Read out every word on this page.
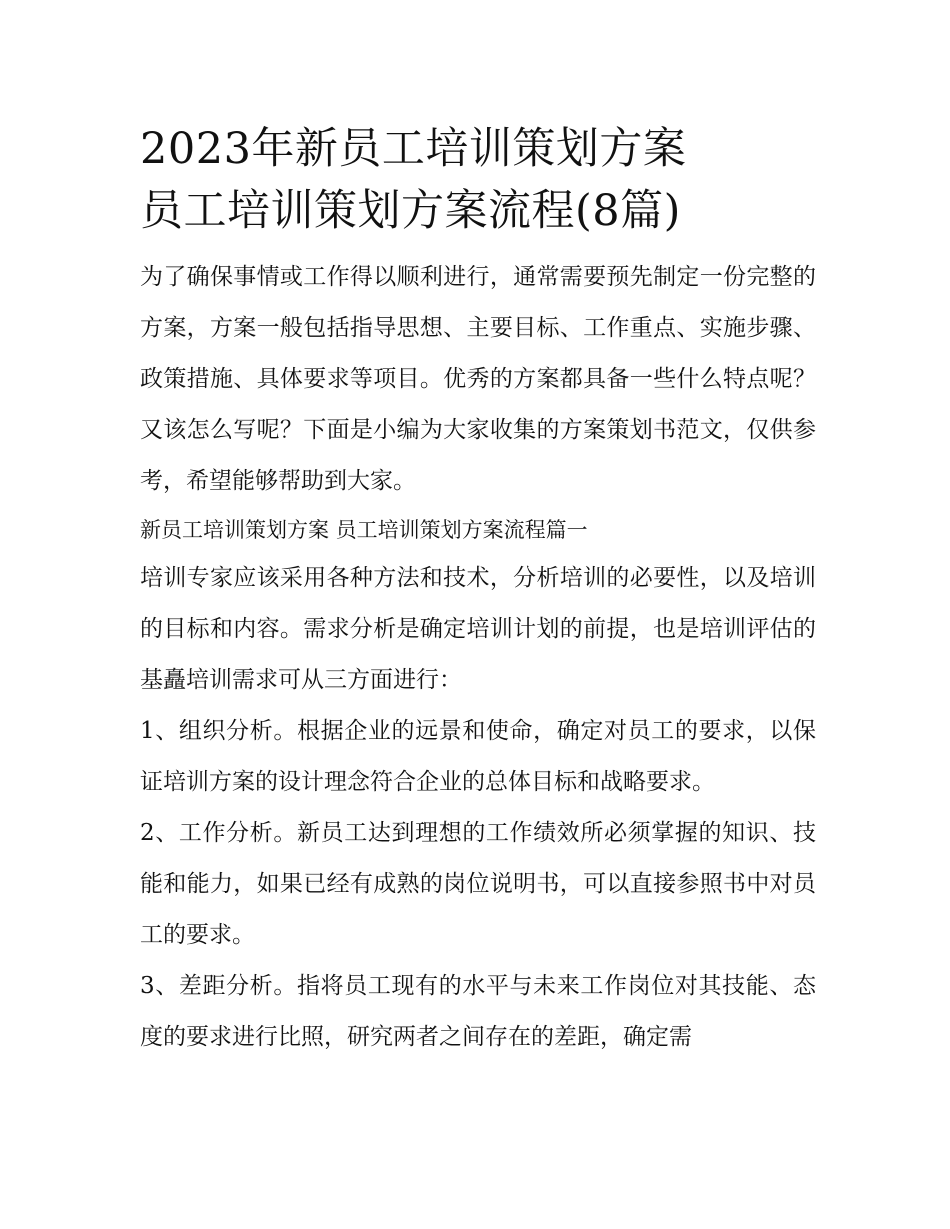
2023年新员工培训策划方案

员工培训策划方案流程(8篇)

为了确保事情或工作得以顺利进行，通常需要预先制定一份完整的方案，方案一般包括指导思想、主要目标、工作重点、实施步骤、政策措施、具体要求等项目。优秀的方案都具备一些什么特点呢？又该怎么写呢？下面是小编为大家收集的方案策划书范文，仅供参考，希望能够帮助到大家。

新员工培训策划方案 员工培训策划方案流程篇一

培训专家应该采用各种方法和技术，分析培训的必要性，以及培训的目标和内容。需求分析是确定培训计划的前提，也是培训评估的基矗培训需求可从三方面进行：

1、组织分析。根据企业的远景和使命，确定对员工的要求，以保证培训方案的设计理念符合企业的总体目标和战略要求。

2、工作分析。新员工达到理想的工作绩效所必须掌握的知识、技能和能力，如果已经有成熟的岗位说明书，可以直接参照书中对员工的要求。

3、差距分析。指将员工现有的水平与未来工作岗位对其技能、态度的要求进行比照，研究两者之间存在的差距，确定需
